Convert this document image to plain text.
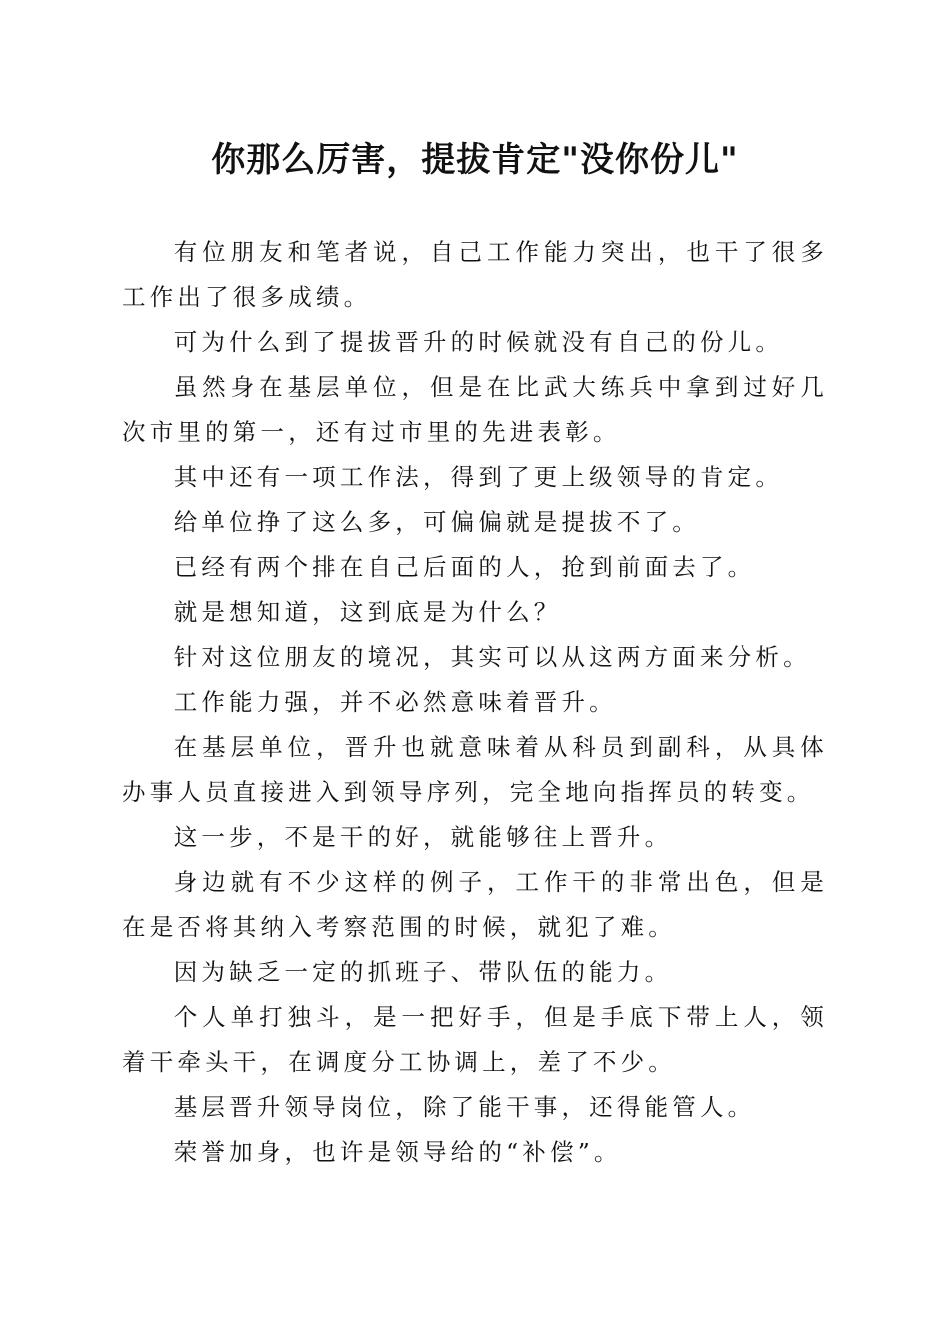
你那么厉害，提拔肯定"没你份儿"

有位朋友和笔者说，自己工作能力突出，也干了很多工作出了很多成绩。

可为什么到了提拔晋升的时候就没有自己的份儿。

虽然身在基层单位，但是在比武大练兵中拿到过好几次市里的第一，还有过市里的先进表彰。

其中还有一项工作法，得到了更上级领导的肯定。

给单位挣了这么多，可偏偏就是提拔不了。

已经有两个排在自己后面的人，抢到前面去了。

就是想知道，这到底是为什么？

针对这位朋友的境况，其实可以从这两方面来分析。

工作能力强，并不必然意味着晋升。

在基层单位，晋升也就意味着从科员到副科，从具体办事人员直接进入到领导序列，完全地向指挥员的转变。

这一步，不是干的好，就能够往上晋升。

身边就有不少这样的例子，工作干的非常出色，但是在是否将其纳入考察范围的时候，就犯了难。

因为缺乏一定的抓班子、带队伍的能力。

个人单打独斗，是一把好手，但是手底下带上人，领着干牵头干，在调度分工协调上，差了不少。

基层晋升领导岗位，除了能干事，还得能管人。

荣誉加身，也许是领导给的“补偿”。
